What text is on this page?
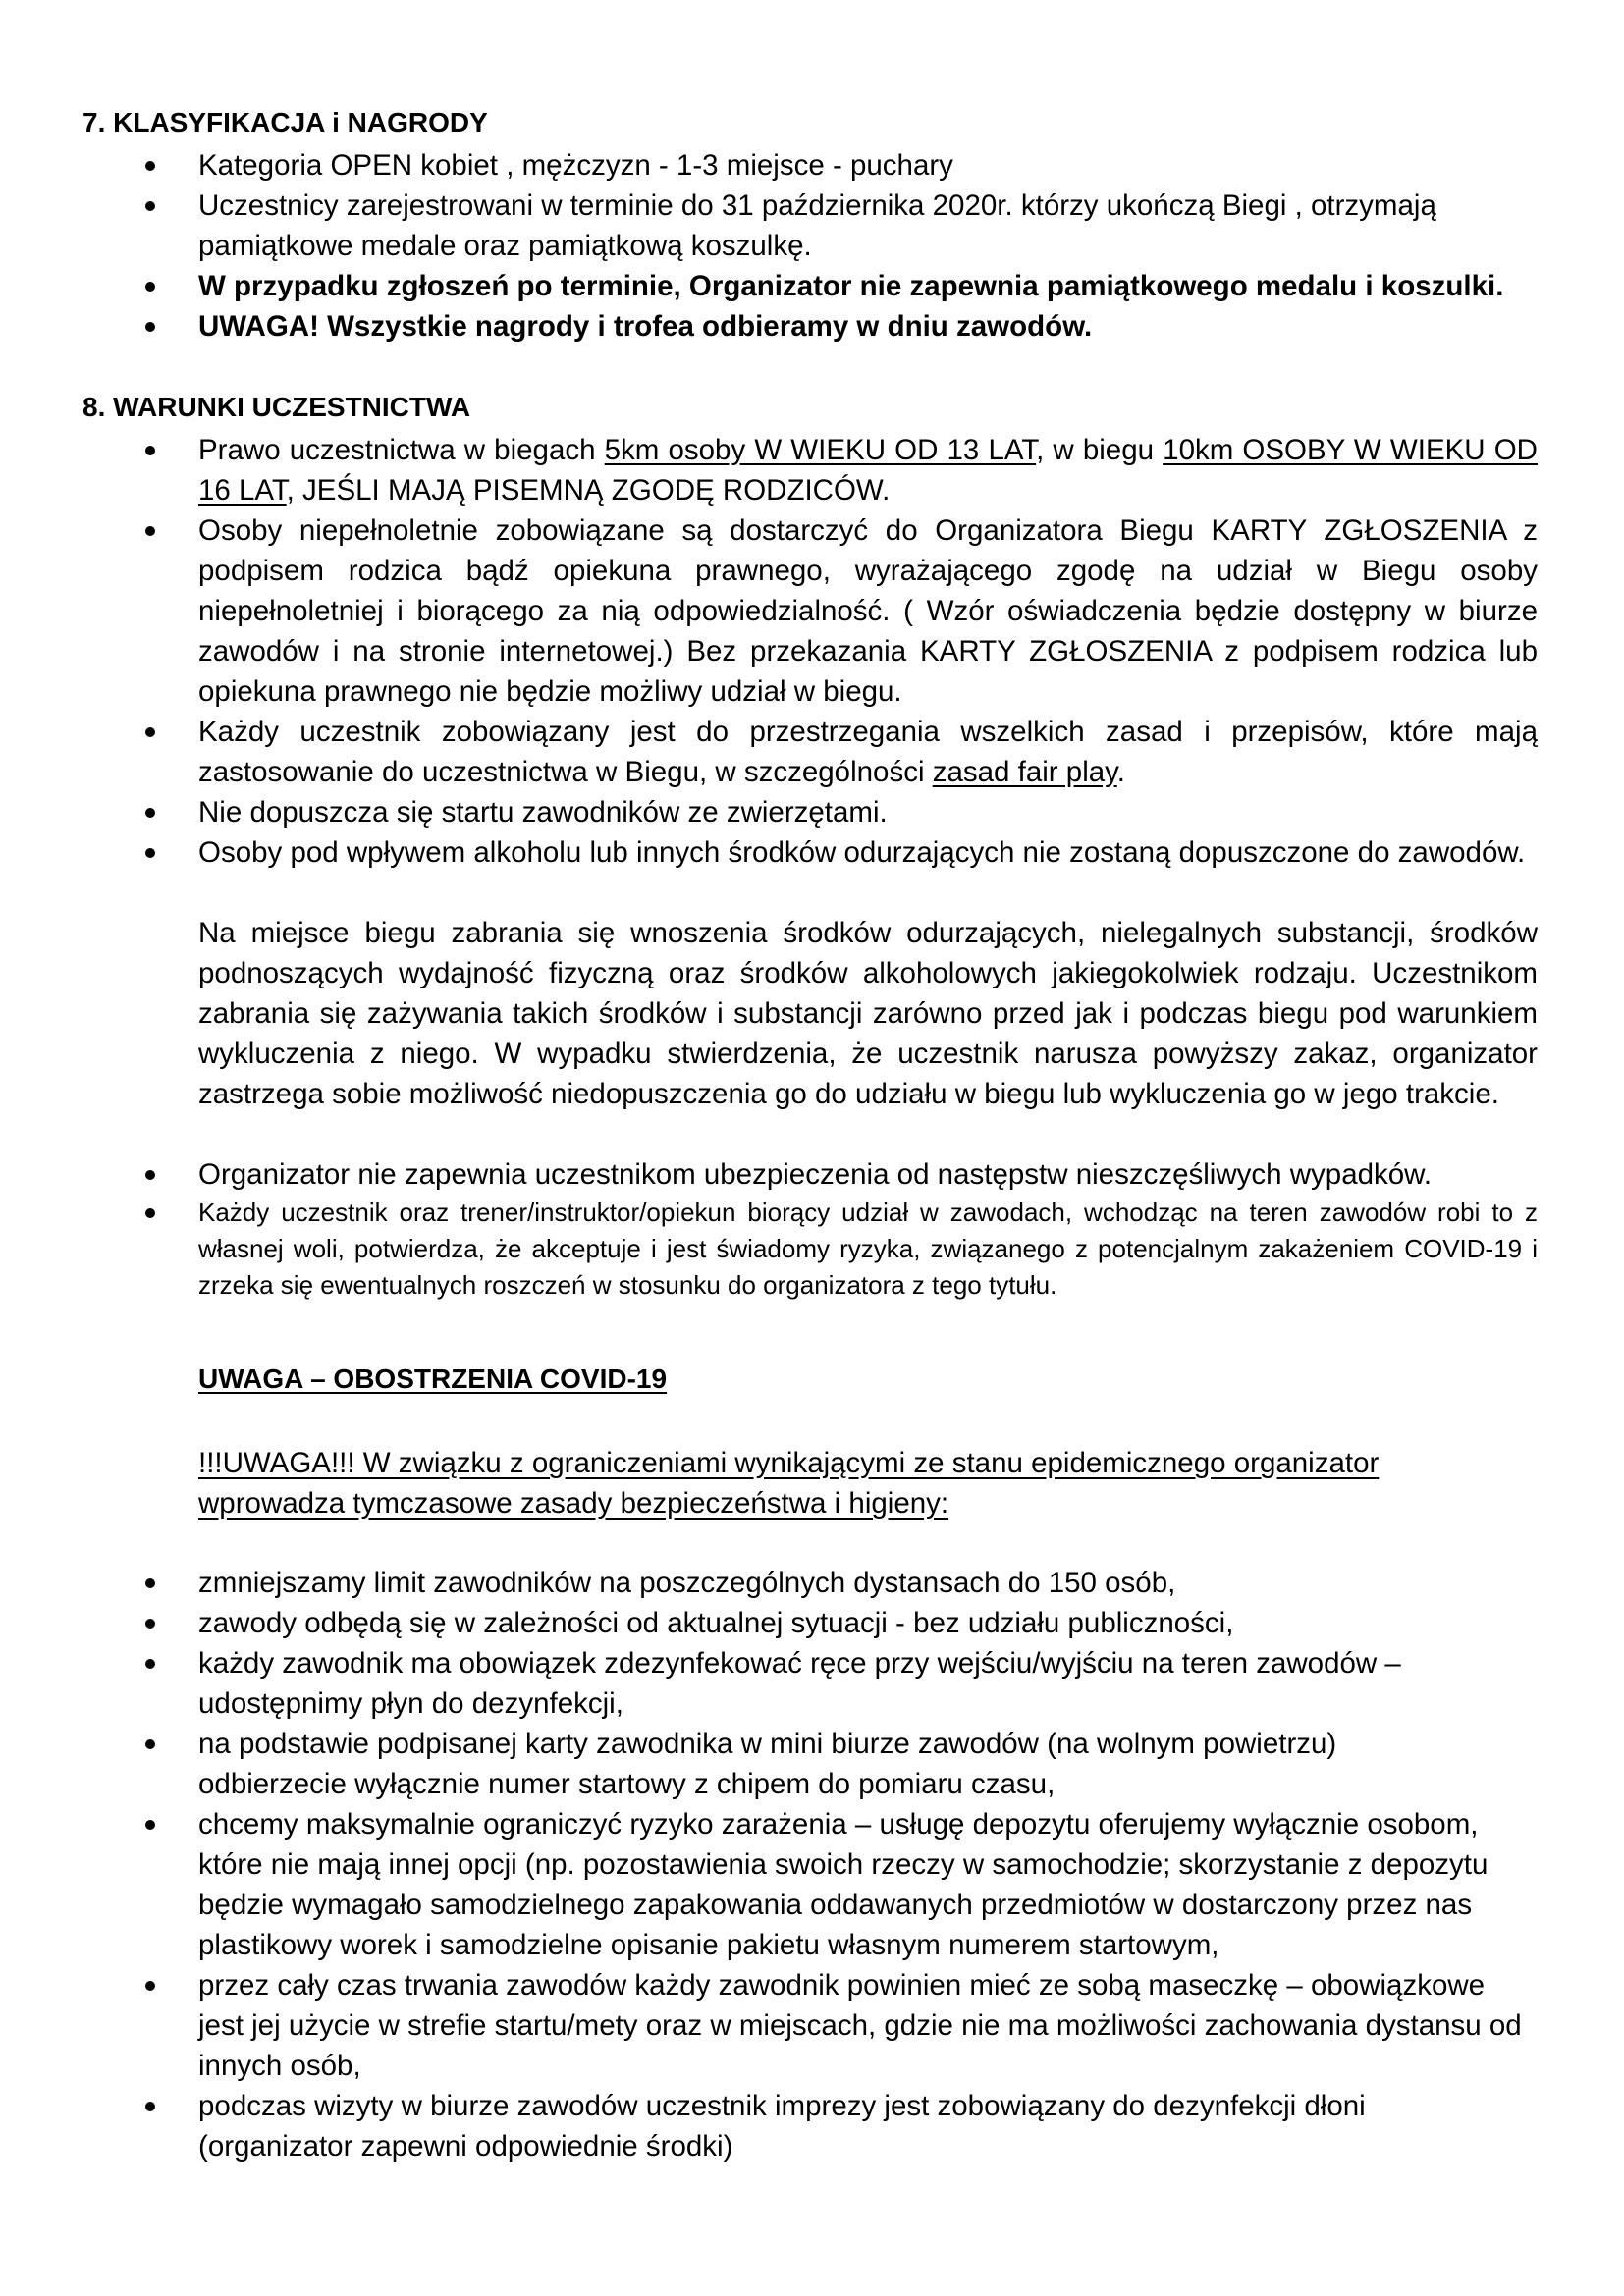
7. KLASYFIKACJA i NAGRODY
Kategoria OPEN kobiet , mężczyzn - 1-3 miejsce - puchary
Uczestnicy zarejestrowani w terminie do 31 października 2020r. którzy ukończą Biegi , otrzymają pamiątkowe medale oraz pamiątkową koszulkę.
W przypadku zgłoszeń po terminie, Organizator nie zapewnia pamiątkowego medalu i koszulki.
UWAGA! Wszystkie nagrody i trofea odbieramy w dniu zawodów.
8. WARUNKI UCZESTNICTWA
Prawo uczestnictwa w biegach 5km osoby W WIEKU OD 13 LAT, w biegu 10km OSOBY W WIEKU OD 16 LAT, JEŚLI MAJĄ PISEMNĄ ZGODĘ RODZICÓW.
Osoby niepełnoletnie zobowiązane są dostarczyć do Organizatora Biegu KARTY ZGŁOSZENIA z podpisem rodzica bądź opiekuna prawnego, wyrażającego zgodę na udział w Biegu osoby niepełnoletniej i biorącego za nią odpowiedzialność. ( Wzór oświadczenia będzie dostępny w biurze zawodów i na stronie internetowej.) Bez przekazania KARTY ZGŁOSZENIA z podpisem rodzica lub opiekuna prawnego nie będzie możliwy udział w biegu.
Każdy uczestnik zobowiązany jest do przestrzegania wszelkich zasad i przepisów, które mają zastosowanie do uczestnictwa w Biegu, w szczególności zasad fair play.
Nie dopuszcza się startu zawodników ze zwierzętami.
Osoby pod wpływem alkoholu lub innych środków odurzających nie zostaną dopuszczone do zawodów.

Na miejsce biegu zabrania się wnoszenia środków odurzających, nielegalnych substancji, środków podnoszących wydajność fizyczną oraz środków alkoholowych jakiegokolwiek rodzaju. Uczestnikom zabrania się zażywania takich środków i substancji zarówno przed jak i podczas biegu pod warunkiem wykluczenia z niego. W wypadku stwierdzenia, że uczestnik narusza powyższy zakaz, organizator zastrzega sobie możliwość niedopuszczenia go do udziału w biegu lub wykluczenia go w jego trakcie.

Organizator nie zapewnia uczestnikom ubezpieczenia od następstw nieszczęśliwych wypadków.
Każdy uczestnik oraz trener/instruktor/opiekun biorący udział w zawodach, wchodząc na teren zawodów robi to z własnej woli, potwierdza, że akceptuje i jest świadomy ryzyka, związanego z potencjalnym zakażeniem COVID-19 i zrzeka się ewentualnych roszczeń w stosunku do organizatora z tego tytułu.
UWAGA – OBOSTRZENIA COVID-19

!!!UWAGA!!! W związku z ograniczeniami wynikającymi ze stanu epidemicznego organizator wprowadza tymczasowe zasady bezpieczeństwa i higieny:

zmniejszamy limit zawodników na poszczególnych dystansach do 150 osób,
zawody odbędą się w zależności od aktualnej sytuacji - bez udziału publiczności,
każdy zawodnik ma obowiązek zdezynfekować ręce przy wejściu/wyjściu na teren zawodów – udostępnimy płyn do dezynfekcji,
na podstawie podpisanej karty zawodnika w mini biurze zawodów (na wolnym powietrzu) odbierzecie wyłącznie numer startowy z chipem do pomiaru czasu,
chcemy maksymalnie ograniczyć ryzyko zarażenia – usługę depozytu oferujemy wyłącznie osobom, które nie mają innej opcji (np. pozostawienia swoich rzeczy w samochodzie; skorzystanie z depozytu będzie wymagało samodzielnego zapakowania oddawanych przedmiotów w dostarczony przez nas plastikowy worek i samodzielne opisanie pakietu własnym numerem startowym,
przez cały czas trwania zawodów każdy zawodnik powinien mieć ze sobą maseczkę – obowiązkowe jest jej użycie w strefie startu/mety oraz w miejscach, gdzie nie ma możliwości zachowania dystansu od innych osób,
podczas wizyty w biurze zawodów uczestnik imprezy jest zobowiązany do dezynfekcji dłoni (organizator zapewni odpowiednie środki)
